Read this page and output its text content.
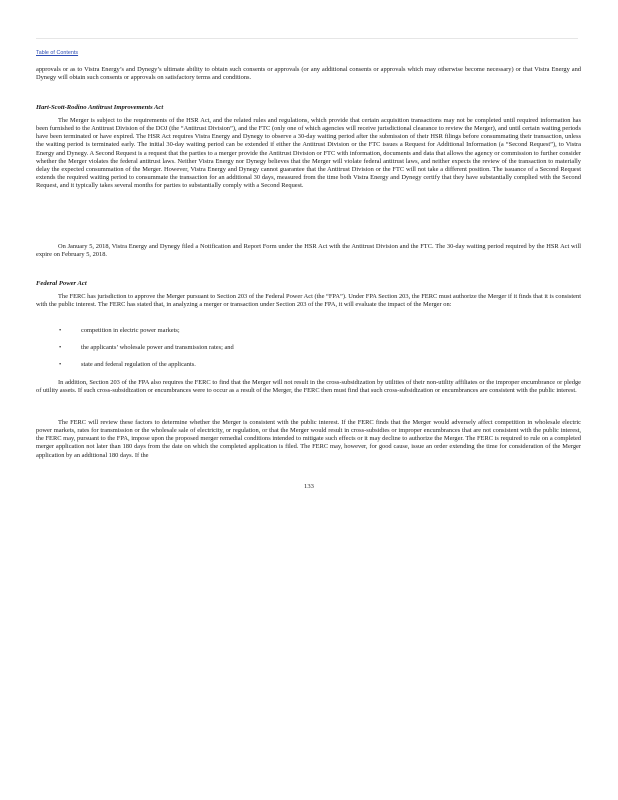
Table of Contents

approvals or as to Vistra Energy’s and Dynegy’s ultimate ability to obtain such consents or approvals (or any additional consents or approvals which may otherwise become necessary) or that Vistra Energy and Dynegy will obtain such consents or approvals on satisfactory terms and conditions.

Hart-Scott-Rodino Antitrust Improvements Act

The Merger is subject to the requirements of the HSR Act, and the related rules and regulations, which provide that certain acquisition transactions may not be completed until required information has been furnished to the Antitrust Division of the DOJ (the “Antitrust Division”), and the FTC (only one of which agencies will receive jurisdictional clearance to review the Merger), and until certain waiting periods have been terminated or have expired. The HSR Act requires Vistra Energy and Dynegy to observe a 30-day waiting period after the submission of their HSR filings before consummating their transaction, unless the waiting period is terminated early. The initial 30-day waiting period can be extended if either the Antitrust Division or the FTC issues a Request for Additional Information (a “Second Request”), to Vistra Energy and Dynegy. A Second Request is a request that the parties to a merger provide the Antitrust Division or FTC with information, documents and data that allows the agency or commission to further consider whether the Merger violates the federal antitrust laws. Neither Vistra Energy nor Dynegy believes that the Merger will violate federal antitrust laws, and neither expects the review of the transaction to materially delay the expected consummation of the Merger. However, Vistra Energy and Dynegy cannot guarantee that the Antitrust Division or the FTC will not take a different position. The issuance of a Second Request extends the required waiting period to consummate the transaction for an additional 30 days, measured from the time both Vistra Energy and Dynegy certify that they have substantially complied with the Second Request, and it typically takes several months for parties to substantially comply with a Second Request.

On January 5, 2018, Vistra Energy and Dynegy filed a Notification and Report Form under the HSR Act with the Antitrust Division and the FTC. The 30-day waiting period required by the HSR Act will expire on February 5, 2018.

Federal Power Act

The FERC has jurisdiction to approve the Merger pursuant to Section 203 of the Federal Power Act (the “FPA”). Under FPA Section 203, the FERC must authorize the Merger if it finds that it is consistent with the public interest. The FERC has stated that, in analyzing a merger or transaction under Section 203 of the FPA, it will evaluate the impact of the Merger on:

•	competition in electric power markets;
•	the applicants’ wholesale power and transmission rates; and
•	state and federal regulation of the applicants.

In addition, Section 203 of the FPA also requires the FERC to find that the Merger will not result in the cross-subsidization by utilities of their non-utility affiliates or the improper encumbrance or pledge of utility assets. If such cross-subsidization or encumbrances were to occur as a result of the Merger, the FERC then must find that such cross-subsidization or encumbrances are consistent with the public interest.

The FERC will review these factors to determine whether the Merger is consistent with the public interest. If the FERC finds that the Merger would adversely affect competition in wholesale electric power markets, rates for transmission or the wholesale sale of electricity, or regulation, or that the Merger would result in cross-subsidies or improper encumbrances that are not consistent with the public interest, the FERC may, pursuant to the FPA, impose upon the proposed merger remedial conditions intended to mitigate such effects or it may decline to authorize the Merger. The FERC is required to rule on a completed merger application not later than 180 days from the date on which the completed application is filed. The FERC may, however, for good cause, issue an order extending the time for consideration of the Merger application by an additional 180 days. If the

133
